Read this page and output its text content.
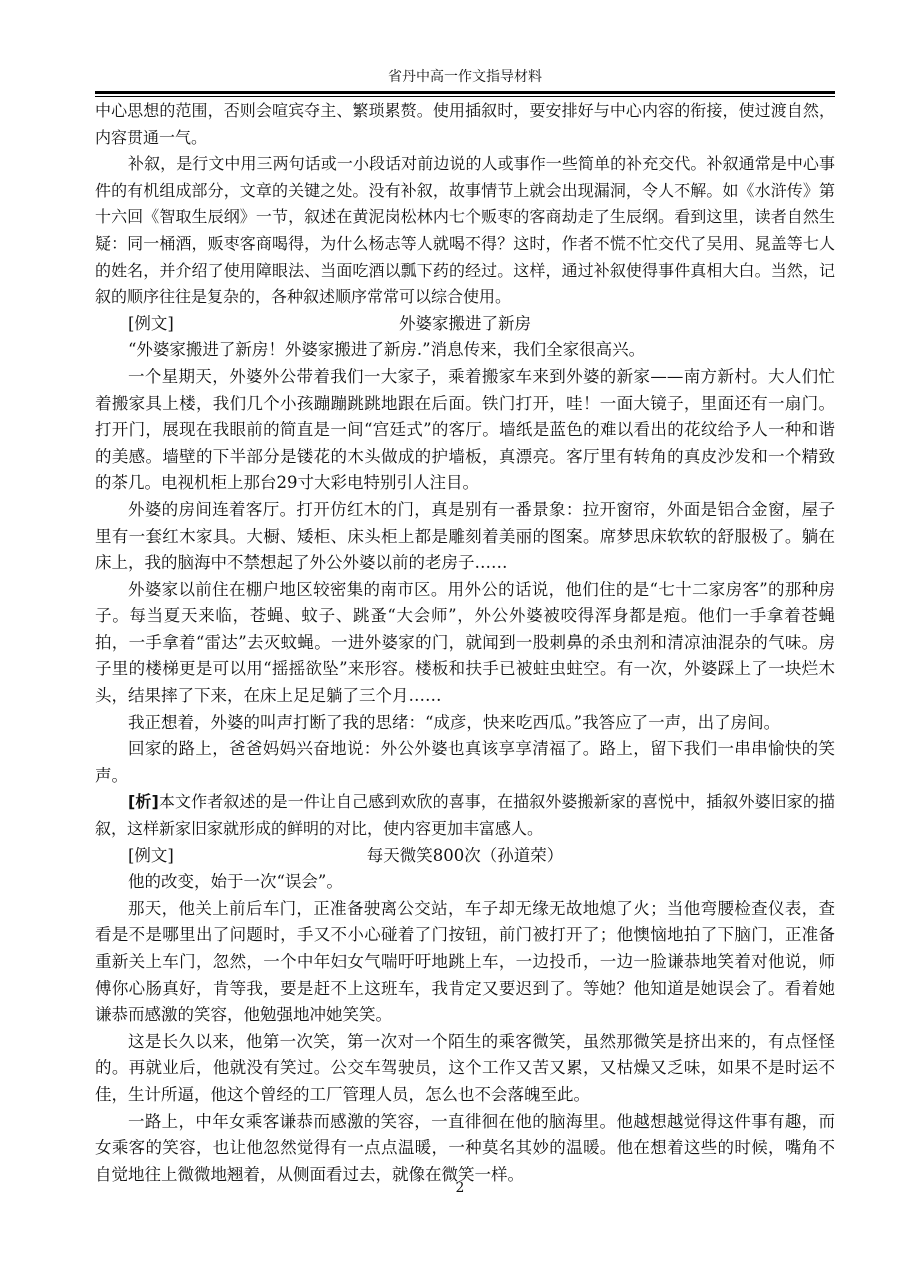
省丹中高一作文指导材料

中心思想的范围，否则会喧宾夺主、繁琐累赘。使用插叙时，要安排好与中心内容的衔接，使过渡自然，内容贯通一气。

补叙，是行文中用三两句话或一小段话对前边说的人或事作一些简单的补充交代。补叙通常是中心事件的有机组成部分，文章的关键之处。没有补叙，故事情节上就会出现漏洞，令人不解。如《水浒传》第十六回《智取生辰纲》一节，叙述在黄泥岗松林内七个贩枣的客商劫走了生辰纲。看到这里，读者自然生疑：同一桶酒，贩枣客商喝得，为什么杨志等人就喝不得？这时，作者不慌不忙交代了吴用、晁盖等七人的姓名，并介绍了使用障眼法、当面吃酒以瓢下药的经过。这样，通过补叙使得事件真相大白。当然，记叙的顺序往往是复杂的，各种叙述顺序常常可以综合使用。

[例文]	外婆家搬进了新房

“外婆家搬进了新房！外婆家搬进了新房.”消息传来，我们全家很高兴。

一个星期天，外婆外公带着我们一大家子，乘着搬家车来到外婆的新家——南方新村。大人们忙着搬家具上楼，我们几个小孩蹦蹦跳跳地跟在后面。铁门打开，哇！一面大镜子，里面还有一扇门。打开门，展现在我眼前的简直是一间“宫廷式”的客厅。墙纸是蓝色的难以看出的花纹给予人一种和谐的美感。墙壁的下半部分是镂花的木头做成的护墙板，真漂亮。客厅里有转角的真皮沙发和一个精致的茶几。电视机柜上那台29寸大彩电特别引人注目。

外婆的房间连着客厅。打开仿红木的门，真是别有一番景象：拉开窗帘，外面是铝合金窗，屋子里有一套红木家具。大橱、矮柜、床头柜上都是雕刻着美丽的图案。席梦思床软软的舒服极了。躺在床上，我的脑海中不禁想起了外公外婆以前的老房子……

外婆家以前住在棚户地区较密集的南市区。用外公的话说，他们住的是“七十二家房客”的那种房子。每当夏天来临，苍蝇、蚊子、跳蚤“大会师”，外公外婆被咬得浑身都是疱。他们一手拿着苍蝇拍，一手拿着“雷达”去灭蚊蝇。一进外婆家的门，就闻到一股刺鼻的杀虫剂和清凉油混杂的气味。房子里的楼梯更是可以用“摇摇欲坠”来形容。楼板和扶手已被蛀虫蛀空。有一次，外婆踩上了一块烂木头，结果摔了下来，在床上足足躺了三个月……

我正想着，外婆的叫声打断了我的思绪：“成彦，快来吃西瓜。”我答应了一声，出了房间。

回家的路上，爸爸妈妈兴奋地说：外公外婆也真该享享清福了。路上，留下我们一串串愉快的笑声。

[析]本文作者叙述的是一件让自己感到欢欣的喜事，在描叙外婆搬新家的喜悦中，插叙外婆旧家的描叙，这样新家旧家就形成的鲜明的对比，使内容更加丰富感人。

[例文]	每天微笑800次（孙道荣）

他的改变，始于一次“误会”。

那天，他关上前后车门，正准备驶离公交站，车子却无缘无故地熄了火；当他弯腰检查仪表，查看是不是哪里出了问题时，手又不小心碰着了门按钮，前门被打开了；他懊恼地拍了下脑门，正准备重新关上车门，忽然，一个中年妇女气喘吁吁地跳上车，一边投币，一边一脸谦恭地笑着对他说，师傅你心肠真好，肯等我，要是赶不上这班车，我肯定又要迟到了。等她？他知道是她误会了。看着她谦恭而感激的笑容，他勉强地冲她笑笑。

这是长久以来，他第一次笑，第一次对一个陌生的乘客微笑，虽然那微笑是挤出来的，有点怪怪的。再就业后，他就没有笑过。公交车驾驶员，这个工作又苦又累，又枯燥又乏味，如果不是时运不佳，生计所逼，他这个曾经的工厂管理人员，怎么也不会落魄至此。

一路上，中年女乘客谦恭而感激的笑容，一直徘徊在他的脑海里。他越想越觉得这件事有趣，而女乘客的笑容，也让他忽然觉得有一点点温暖，一种莫名其妙的温暖。他在想着这些的时候，嘴角不自觉地往上微微地翘着，从侧面看过去，就像在微笑一样。

2
